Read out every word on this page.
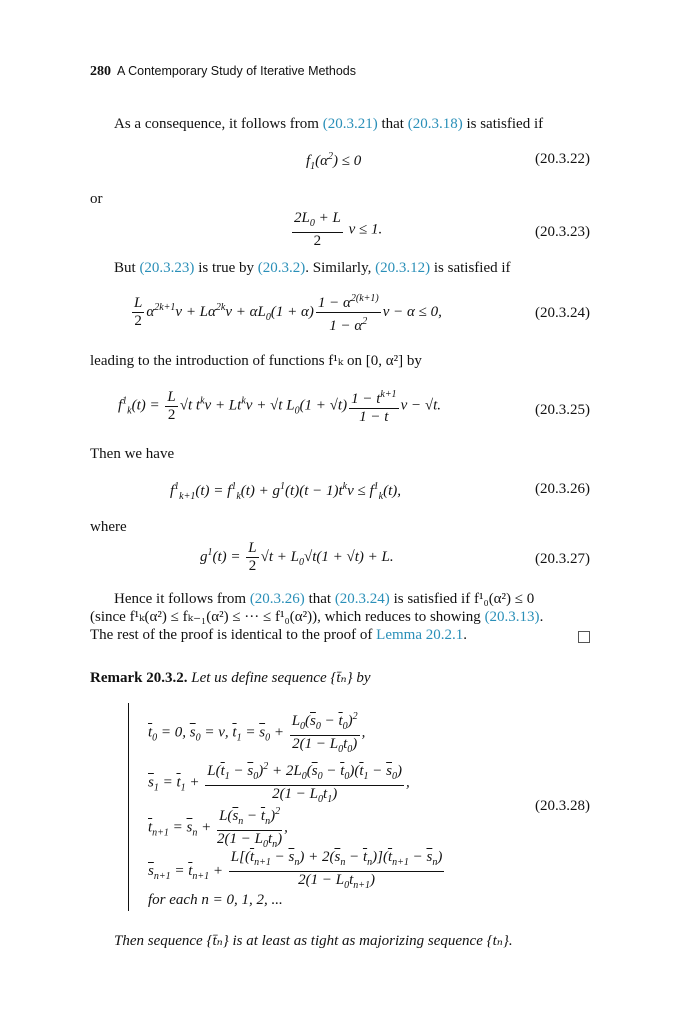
280 A Contemporary Study of Iterative Methods
As a consequence, it follows from (20.3.21) that (20.3.18) is satisfied if
$f_1(\alpha^2) \le 0$	(20.3.22)
or
$\frac{2L_0 + L}{2}$ ν ≤ 1.	(20.3.23)
But (20.3.23) is true by (20.3.2). Similarly, (20.3.12) is satisfied if
$\frac{L}{2} \alpha^{2k+1}\nu + L\alpha^{2k}\nu + \alpha L_0(1 + \alpha) \frac{1 - \alpha^{2(k+1)}}{1 - \alpha^2}$ ν − α ≤ 0,	(20.3.24)
leading to the introduction of functions f¹ₖ on [0, α²] by
$f^1_k(t) = \frac{L}{2} √t$ $t^k\nu + Lt^k\nu + √t$ $L_0(1 + √t) \frac{1 - t^{k+1}}{1 - t}$ ν − √t.	(20.3.25)
Then we have
$f^1_{k+1}(t) = f^1_k(t) + g^1(t)(t - 1)t^k\nu \le f^1_k(t)$,	(20.3.26)
where
$g^1(t) = \frac{L}{2} √t + L_0√t(1 + √t) + L$.	(20.3.27)
Hence it follows from (20.3.26) that (20.3.24) is satisfied if f¹₀(α²) ≤ 0
(since f¹ₖ(α²) ≤ fₖ₋₁(α²) ≤ ··· ≤ f¹₀(α²)), which reduces to showing (20.3.13).
The rest of the proof is identical to the proof of Lemma 20.2.1.
Remark 20.3.2. Let us define sequence {t̄ₙ} by
$\overline{t}_0 = 0$, $\overline{s}_0 = \nu$, $\overline{t}_1 = \overline{s}_0 + \frac{L_0(\overline{s}_0 - \overline{t}_0)^2}{2(1 - L_0\overline{t}_0)}$ ,
$\overline{s}_1 = \overline{t}_1 + \frac{L(\overline{t}_1 - \overline{s}_0)^2 + 2L_0(\overline{s}_0 - \overline{t}_0)(\overline{t}_1 - \overline{s}_0)}{2(1 - L_0\overline{t}_1)}$ ,
$\overline{t}_{n+1} = \overline{s}_n + \frac{L(\overline{s}_n - \overline{t}_n)^2}{2(1 - L_0\overline{t}_n)}$ ,
$\overline{s}_{n+1} = \overline{t}_{n+1} + \frac{L[(\overline{t}_{n+1} - \overline{s}_n) + 2(\overline{s}_n - \overline{t}_n)](\overline{t}_{n+1} - \overline{s}_n)}{2(1 - L_0\overline{t}_{n+1})}$
for each n = 0, 1, 2, ...
(20.3.28)
Then sequence {t̄ₙ} is at least as tight as majorizing sequence {tₙ}.
